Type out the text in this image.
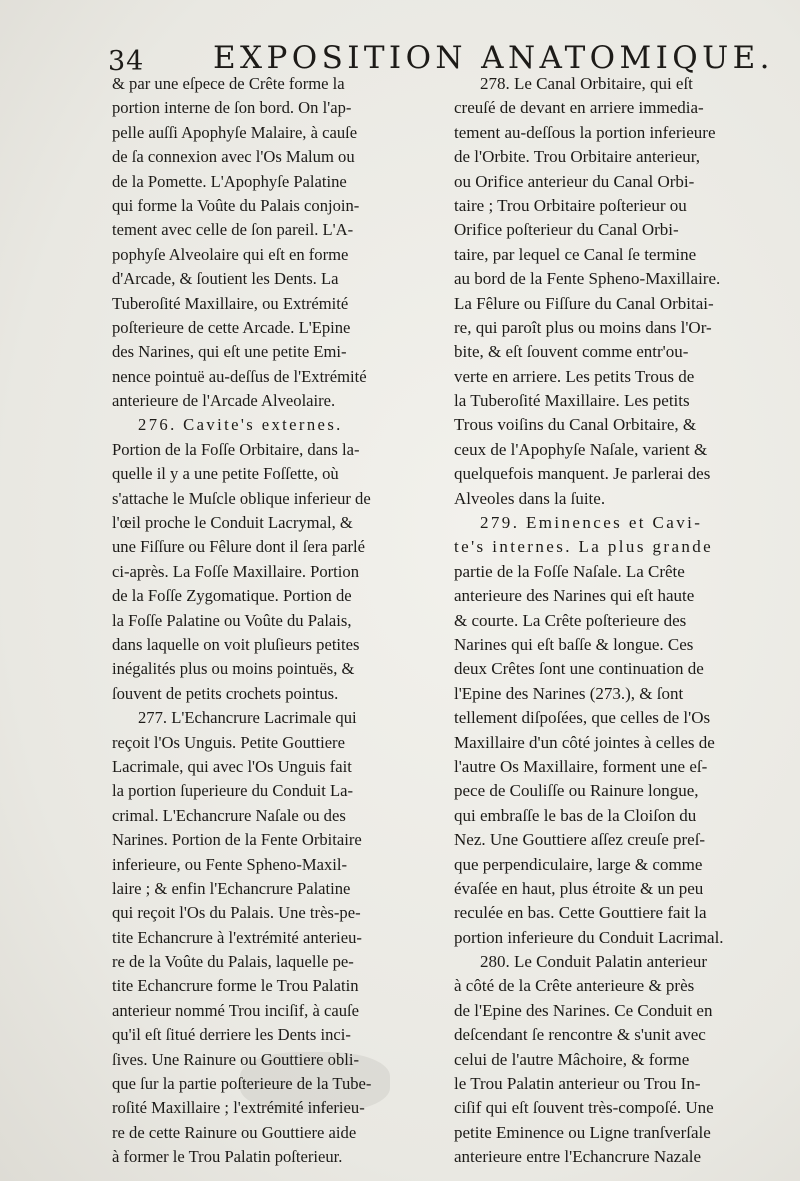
34 EXPOSITION ANATOMIQUE.
& par une eſpece de Crête forme la
portion interne de ſon bord. On l'ap-
pelle auſſi Apophyſe Malaire, à cauſe
de ſa connexion avec l'Os Malum ou
de la Pomette. L'Apophyſe Palatine
qui forme la Voûte du Palais conjoin-
tement avec celle de ſon pareil. L'A-
pophyſe Alveolaire qui eſt en forme
d'Arcade, & ſoutient les Dents. La
Tuberoſité Maxillaire, ou Extrémité
poſterieure de cette Arcade. L'Epine
des Narines, qui eſt une petite Emi-
nence pointuë au-deſſus de l'Extrémité
anterieure de l'Arcade Alveolaire.
276. Cavite's externes.
Portion de la Foſſe Orbitaire, dans la-
quelle il y a une petite Foſſette, où
s'attache le Muſcle oblique inferieur de
l'œil proche le Conduit Lacrymal, &
une Fiſſure ou Fêlure dont il ſera parlé
ci-après. La Foſſe Maxillaire. Portion
de la Foſſe Zygomatique. Portion de
la Foſſe Palatine ou Voûte du Palais,
dans laquelle on voit pluſieurs petites
inégalités plus ou moins pointuës, &
ſouvent de petits crochets pointus.
277. L'Echancrure Lacrimale qui
reçoit l'Os Unguis. Petite Gouttiere
Lacrimale, qui avec l'Os Unguis fait
la portion ſuperieure du Conduit La-
crimal. L'Echancrure Naſale ou des
Narines. Portion de la Fente Orbitaire
inferieure, ou Fente Spheno-Maxil-
laire ; & enfin l'Echancrure Palatine
qui reçoit l'Os du Palais. Une très-pe-
tite Echancrure à l'extrémité anterieu-
re de la Voûte du Palais, laquelle pe-
tite Echancrure forme le Trou Palatin
anterieur nommé Trou inciſif, à cauſe
qu'il eſt ſitué derriere les Dents inci-
ſives. Une Rainure ou Gouttiere obli-
que ſur la partie poſterieure de la Tube-
roſité Maxillaire ; l'extrémité inferieu-
re de cette Rainure ou Gouttiere aide
à former le Trou Palatin poſterieur.
278. Le Canal Orbitaire, qui eſt
creuſé de devant en arriere immedia-
tement au-deſſous la portion inferieure
de l'Orbite. Trou Orbitaire anterieur,
ou Orifice anterieur du Canal Orbi-
taire ; Trou Orbitaire poſterieur ou
Orifice poſterieur du Canal Orbi-
taire, par lequel ce Canal ſe termine
au bord de la Fente Spheno-Maxillaire.
La Fêlure ou Fiſſure du Canal Orbitai-
re, qui paroît plus ou moins dans l'Or-
bite, & eſt ſouvent comme entr'ou-
verte en arriere. Les petits Trous de
la Tuberoſité Maxillaire. Les petits
Trous voiſins du Canal Orbitaire, &
ceux de l'Apophyſe Naſale, varient &
quelquefois manquent. Je parlerai des
Alveoles dans la ſuite.
279. Eminences et Cavi-
te's internes. La plus grande
partie de la Foſſe Naſale. La Crête
anterieure des Narines qui eſt haute
& courte. La Crête poſterieure des
Narines qui eſt baſſe & longue. Ces
deux Crêtes ſont une continuation de
l'Epine des Narines (273.), & ſont
tellement diſpoſées, que celles de l'Os
Maxillaire d'un côté jointes à celles de
l'autre Os Maxillaire, forment une eſ-
pece de Couliſſe ou Rainure longue,
qui embraſſe le bas de la Cloiſon du
Nez. Une Gouttiere aſſez creuſe preſ-
que perpendiculaire, large & comme
évaſée en haut, plus étroite & un peu
reculée en bas. Cette Gouttiere fait la
portion inferieure du Conduit Lacrimal.
280. Le Conduit Palatin anterieur
à côté de la Crête anterieure & près
de l'Epine des Narines. Ce Conduit en
deſcendant ſe rencontre & s'unit avec
celui de l'autre Mâchoire, & forme
le Trou Palatin anterieur ou Trou In-
ciſif qui eſt ſouvent très-compoſé. Une
petite Eminence ou Ligne tranſverſale
anterieure entre l'Echancrure Nazale
